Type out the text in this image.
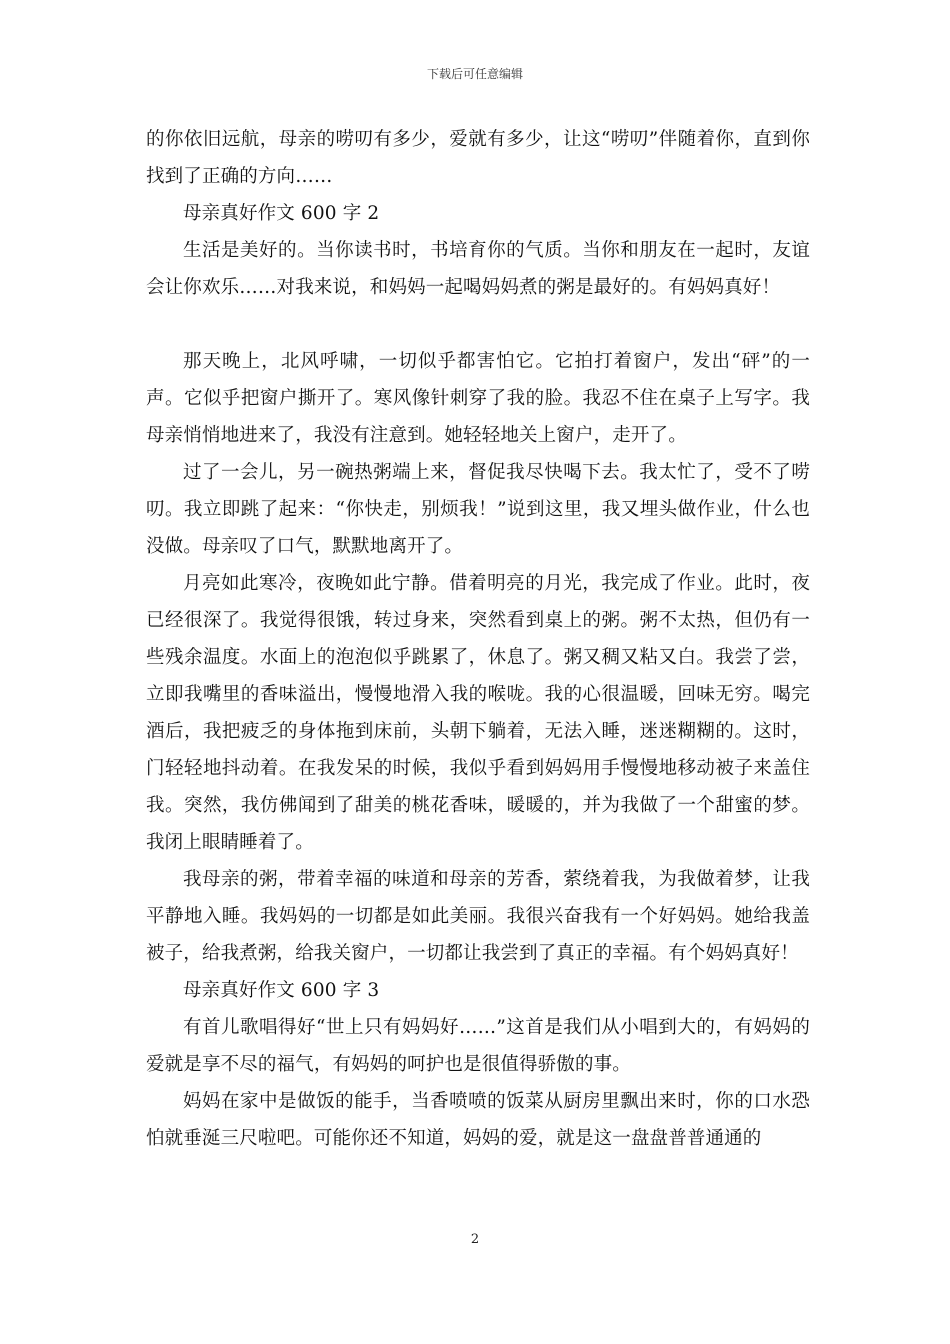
下载后可任意编辑

的你依旧远航，母亲的唠叨有多少，爱就有多少，让这“唠叨”伴随着你，直到你找到了正确的方向……

母亲真好作文 600 字 2

生活是美好的。当你读书时，书培育你的气质。当你和朋友在一起时，友谊会让你欢乐……对我来说，和妈妈一起喝妈妈煮的粥是最好的。有妈妈真好！

那天晚上，北风呼啸，一切似乎都害怕它。它拍打着窗户，发出“砰”的一声。它似乎把窗户撕开了。寒风像针刺穿了我的脸。我忍不住在桌子上写字。我母亲悄悄地进来了，我没有注意到。她轻轻地关上窗户，走开了。

过了一会儿，另一碗热粥端上来，督促我尽快喝下去。我太忙了，受不了唠叨。我立即跳了起来：“你快走，别烦我！”说到这里，我又埋头做作业，什么也没做。母亲叹了口气，默默地离开了。

月亮如此寒冷，夜晚如此宁静。借着明亮的月光，我完成了作业。此时，夜已经很深了。我觉得很饿，转过身来，突然看到桌上的粥。粥不太热，但仍有一些残余温度。水面上的泡泡似乎跳累了，休息了。粥又稠又粘又白。我尝了尝，立即我嘴里的香味溢出，慢慢地滑入我的喉咙。我的心很温暖，回味无穷。喝完酒后，我把疲乏的身体拖到床前，头朝下躺着，无法入睡，迷迷糊糊的。这时，门轻轻地抖动着。在我发呆的时候，我似乎看到妈妈用手慢慢地移动被子来盖住我。突然，我仿佛闻到了甜美的桃花香味，暖暖的，并为我做了一个甜蜜的梦。我闭上眼睛睡着了。

我母亲的粥，带着幸福的味道和母亲的芳香，萦绕着我，为我做着梦，让我平静地入睡。我妈妈的一切都是如此美丽。我很兴奋我有一个好妈妈。她给我盖被子，给我煮粥，给我关窗户，一切都让我尝到了真正的幸福。有个妈妈真好！

母亲真好作文 600 字 3

有首儿歌唱得好“世上只有妈妈好……”这首是我们从小唱到大的，有妈妈的爱就是享不尽的福气，有妈妈的呵护也是很值得骄傲的事。

妈妈在家中是做饭的能手，当香喷喷的饭菜从厨房里飘出来时，你的口水恐怕就垂涎三尺啦吧。可能你还不知道，妈妈的爱，就是这一盘盘普普通通的

2
